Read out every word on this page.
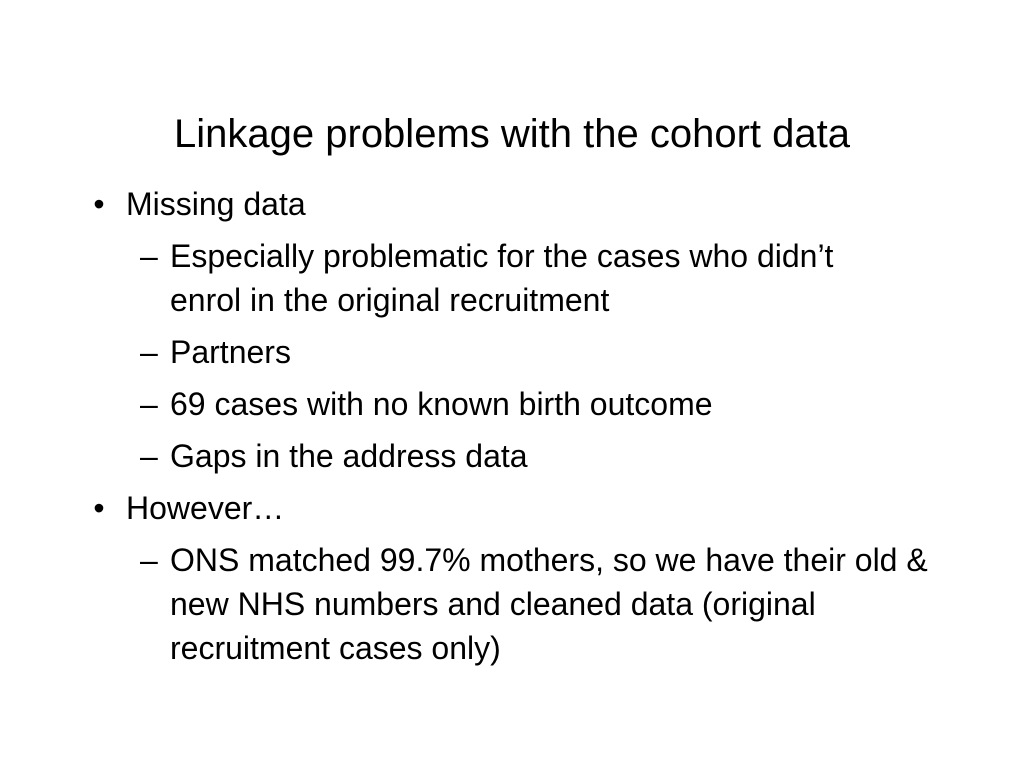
Linkage problems with the cohort data
• Missing data
– Especially problematic for the cases who didn’t enrol in the original recruitment
– Partners
– 69 cases with no known birth outcome
– Gaps in the address data
• However…
– ONS matched 99.7% mothers, so we have their old & new NHS numbers and cleaned data (original recruitment cases only)
